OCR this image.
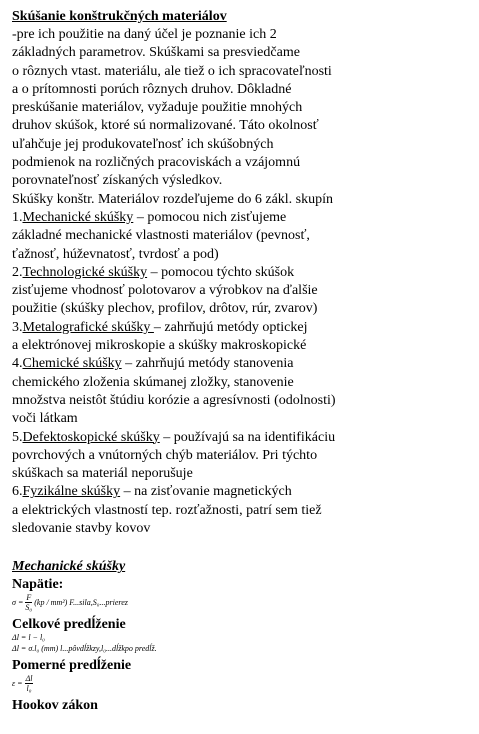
Skúšanie konštrukčných materiálov
-pre ich použitie na daný účel je poznanie ich 2
základných parametrov. Skúškami sa presviedčame
o rôznych vtast. materiálu, ale tiež o ich spracovateľnosti
a o prítomnosti porúch rôznych druhov. Dôkladné
preskúšanie materiálov, vyžaduje použitie mnohých
druhov skúšok, ktoré sú normalizované. Táto okolnosť
uľahčuje jej produkovateľnosť ich skúšobných
podmienok na rozličných pracoviskách a vzájomnú
porovnateľnosť získaných výsledkov.
Skúšky konštr. Materiálov rozdeľujeme do 6 zákl. skupín
1.Mechanické skúšky – pomocou nich zisťujeme
základné mechanické vlastnosti materiálov (pevnosť,
ťažnosť, húževnatosť, tvrdosť a pod)
2.Technologické skúšky – pomocou týchto skúšok
zisťujeme vhodnosť polotovarov a výrobkov na ďalšie
použitie (skúšky plechov, profilov, drôtov, rúr, zvarov)
3.Metalografické skúšky – zahrňujú metódy optickej
a elektrónovej mikroskopie a skúšky makroskopické
4.Chemické skúšky – zahrňujú metódy stanovenia
chemického zloženia skúmanej zložky, stanovenie
množstva neistôt štúdiu korózie a agresívnosti (odolnosti)
voči látkam
5.Defektoskopické skúšky – používajú sa na identifikáciu
povrchových a vnútorných chýb materiálov. Pri týchto
skúškach sa materiál neporušuje
6.Fyzikálne skúšky – na zisťovanie magnetických
a elektrických vlastností tep. rozťažnosti, patrí sem tiež
sledovanie stavby kovov
Mechanické skúšky
Napätie:
$\sigma = \frac{F}{\text{S₀}} (kp / mm^2)$ F...sila,S₀...prierez
Celkové predĺženie
Δl = l − l₀
Δl = σ.l₀ (mm) l...pôvdĺžkzy,l₀...dĺžkpo predĺž.
Pomerné predĺženie
$\varepsilon = \frac{\Delta l}{\text{l₀}}$
Hookov zákon
